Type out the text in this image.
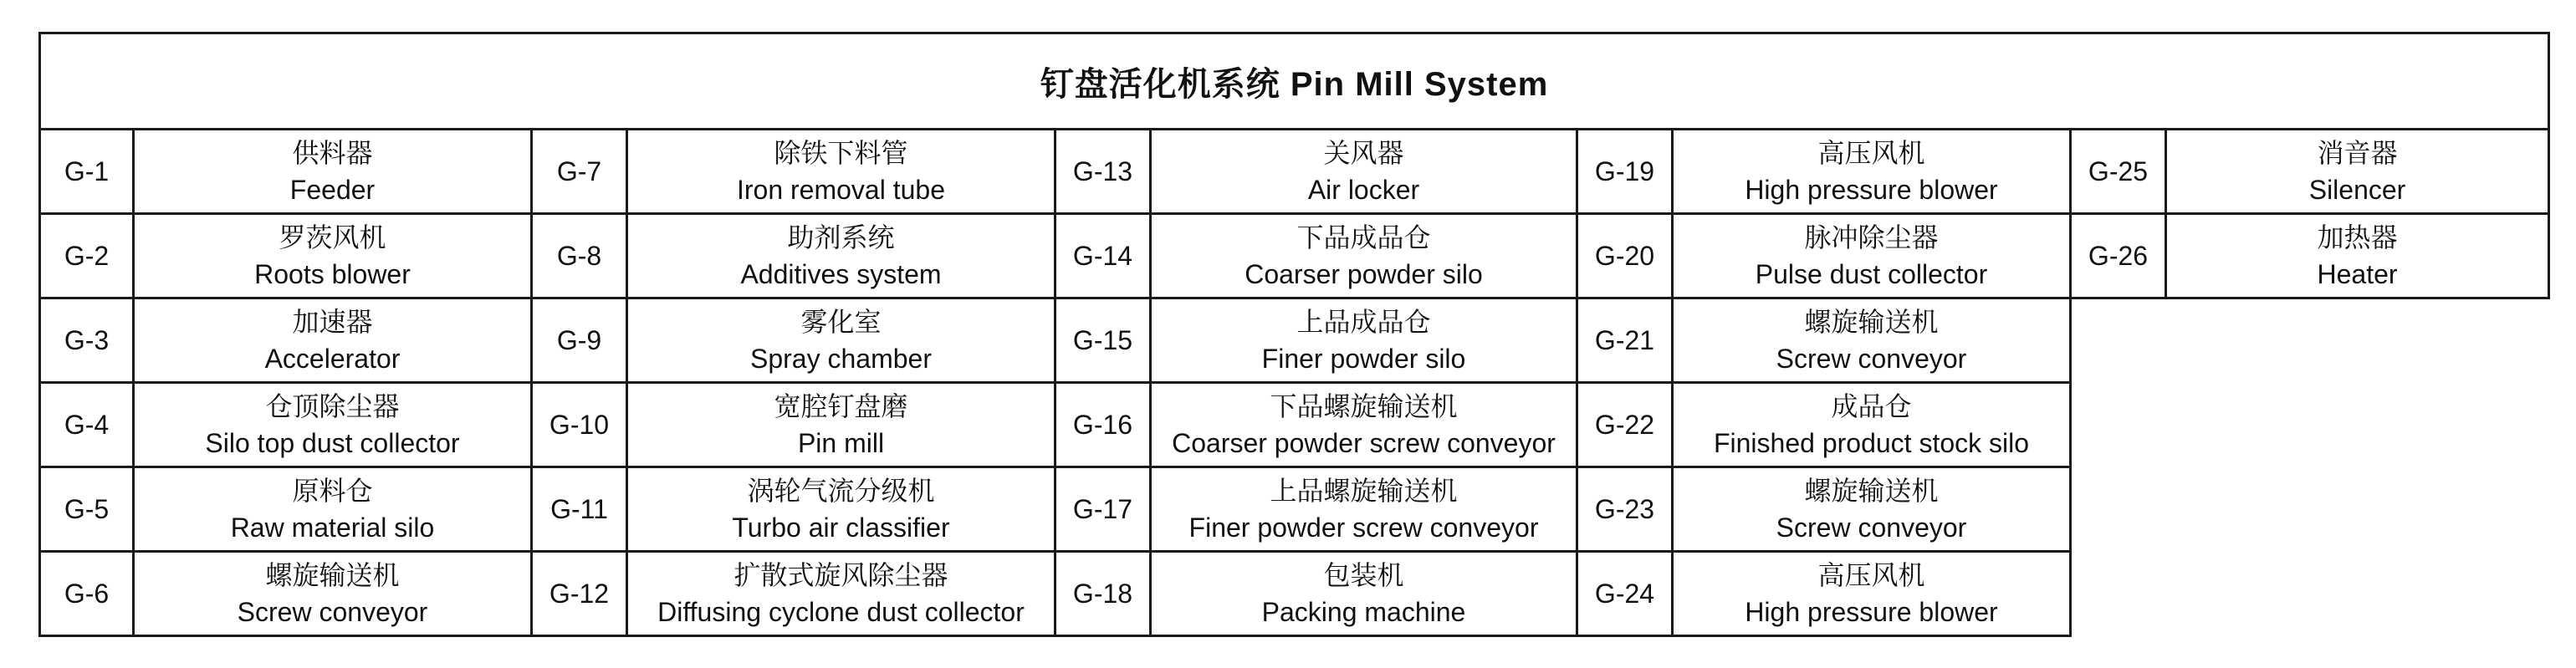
钉盘活化机系统 Pin Mill System									
G-1	供料器
Feeder	G-7	除铁下料管
Iron removal tube	G-13	关风器
Air locker	G-19	高压风机
High pressure blower	G-25	消音器
Silencer

G-2	罗茨风机
Roots blower	G-8	助剂系统
Additives system	G-14	下品成品仓
Coarser powder silo	G-20	脉冲除尘器
Pulse dust collector	G-26	加热器
Heater

G-3	加速器
Accelerator	G-9	雾化室
Spray chamber	G-15	上品成品仓
Finer powder silo	G-21	螺旋输送机
Screw conveyor		

G-4	仓顶除尘器
Silo top dust collector	G-10	宽腔钉盘磨
Pin mill	G-16	下品螺旋输送机
Coarser powder screw conveyor	G-22	成品仓
Finished product stock silo		

G-5	原料仓
Raw material silo	G-11	涡轮气流分级机
Turbo air classifier	G-17	上品螺旋输送机
Finer powder screw conveyor	G-23	螺旋输送机
Screw conveyor		

G-6	螺旋输送机
Screw conveyor	G-12	扩散式旋风除尘器
Diffusing cyclone dust collector	G-18	包装机
Packing machine	G-24	高压风机
High pressure blower		
